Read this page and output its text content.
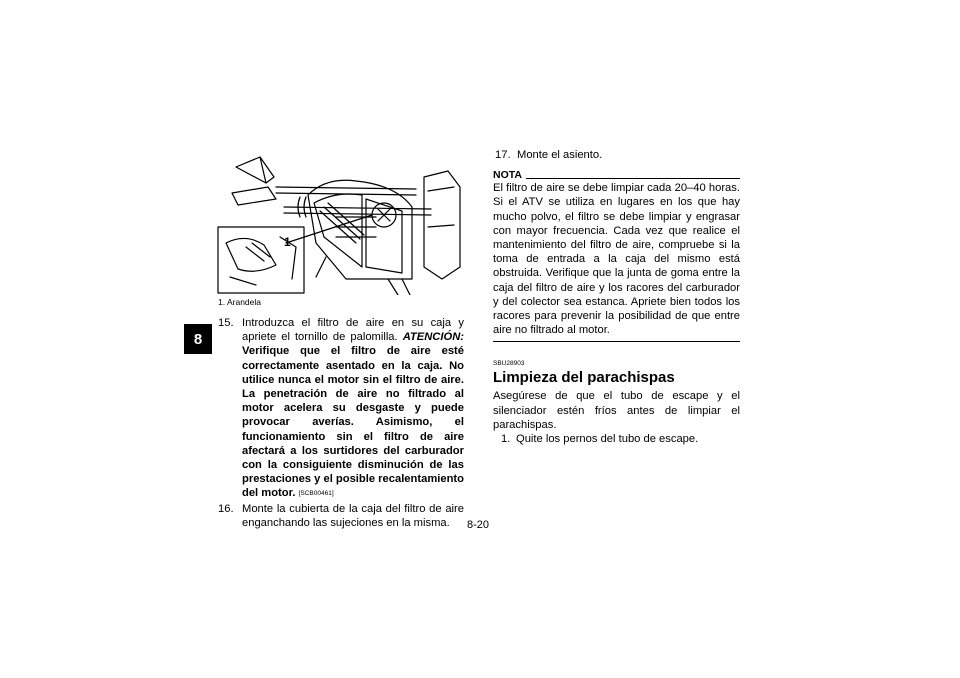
8
1
1. Arandela
15. Introduzca el filtro de aire en su caja y apriete el tornillo de palomilla. ATENCIÓN: Verifique que el filtro de aire esté correctamente asentado en la caja. No utilice nunca el motor sin el filtro de aire. La penetración de aire no filtrado al motor acelera su desgaste y puede provocar averías. Asimismo, el funcionamiento sin el filtro de aire afectará a los surtidores del carburador con la consiguiente disminución de las prestaciones y el posible recalentamiento del motor. [SCB00461]
16. Monte la cubierta de la caja del filtro de aire enganchando las sujeciones en la misma.
17. Monte el asiento.
NOTA
El filtro de aire se debe limpiar cada 20–40 horas. Si el ATV se utiliza en lugares en los que hay mucho polvo, el filtro se debe limpiar y engrasar con mayor frecuencia. Cada vez que realice el mantenimiento del filtro de aire, compruebe si la toma de entrada a la caja del mismo está obstruida. Verifique que la junta de goma entre la caja del filtro de aire y los racores del carburador y del colector sea estanca. Apriete bien todos los racores para prevenir la posibilidad de que entre aire no filtrado al motor.
SBU28903
Limpieza del parachispas
Asegúrese de que el tubo de escape y el silenciador estén fríos antes de limpiar el parachispas.
1. Quite los pernos del tubo de escape.
8-20
